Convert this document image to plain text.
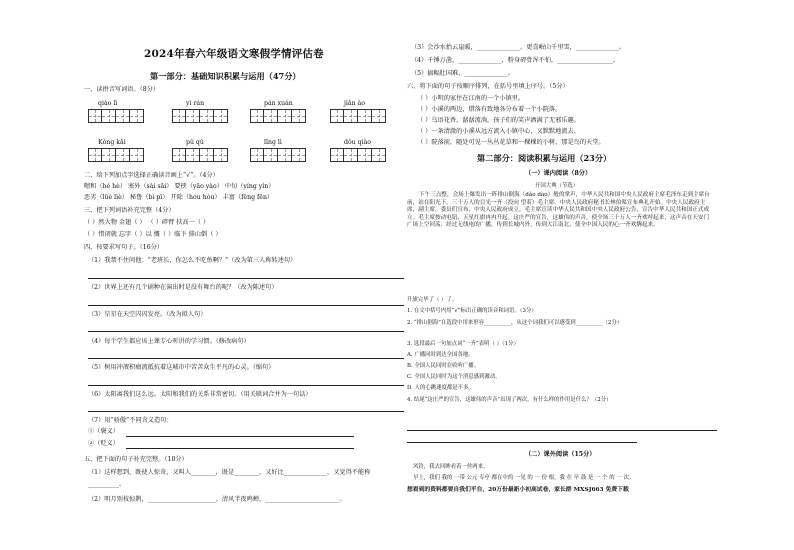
2024年春六年级语文寒假学情评估卷
第一部分：基础知识积累与运用（47分）
一、读拼音写词语。（8分）
qiào lì	yì rán	pán xuán	jiǎn ào
Kǒng kǎi	pǔ qǔ	lǐng lì	dǒu qiào
二、给下列加点字选择正确读音画上“√”。（4分）
嗯和（hé hè） 塞外（sài sāi） 要挟（yāo yào） 中旬（yíng yín）
恶劣（lüè liè） 秘鲁（bì pī） 开除（hóu hòu） 丰富（fēng fēn）
三、把下列词语补充完整（4分）
（ ）然大物 金翅（ ） （ ）碎臂 扶高一（ ）
（ ）惜闭就 忘字（ ）以 慨（ ）临下 排山倒（ ）
四、按要求写句子。（16分）
（1）我禁不住问他：“老班长，你怎么不吃鱼啊？”（改为第三人称转述句）
（2）世界上还有几个剧种在演出时是没有舞台的呢？（改为陈述句）
（3）星星在天空闪闪发亮。（改为拟人句）
（4）每个学生都应该上课专心听讲的学习惯。（修改病句）
（5）树用冲液积瘤流抵抗着这城市中苦苦众生平凡的心灵。（缩句）
（6）太阳离我们这么远。太阳和我们的关系非常密切。（用关联词合并为一句话）
（7）用“骄傲”不同含义造句：
①（褒义）
②（贬义）
五、把下面的句子补充完整。（10分）
（1）这样想到，既使人惊奇，又叫人________，既是________，又好比______________，又觉得不能称
__________。
（2）明月别枝惊鹊，______________________。清风半夜鸣蝉，________________________。
（3）会沙水抬云崖暖，______________。更喜岷山千里雪，______________。
（4）千锤万凿，______________，粉身碎骨浑不怕，__________________。
（5）搞幅肚国难，______________。
六、将下面的句子按顺序排列，在括号里填上序号。（5分）
（ ）小明的家住在江南的一个小镇里。
（ ）小溪的两边，错落有致地各分布着一个小院落。
（ ）乌语花香，潺潺流淌，孩子们的笑声洒满了无邪乐趣。
（ ）一条清澈的小溪从远方流入小镇中心，又默默地流去。
（ ）院落前，随处可见一丛丛花草和一棵棵的小树，那是鸟的天堂。
第二部分：阅读积累与运用（23分）
（一）课内阅读（8分）
开国大典（节选）
下午三点整，会场上爆发出一阵排山倒海（dǎo dào）般的掌声，中华人民共和国中央人民政府主席毛泽东走到主席台前，站在阳光下。三十万人的目光一齐（投向 望着）毛主席。中央人民政府秘书长林伯渠宣布典礼开始。中央人民政府主席，副主席，委员们宣布，中央人民政府成立。毛主席宣读中华人民共和国中央人民政府公告，宣告中华人民共和国正式成立。毛主席按动电钮，五星红旗冉冉升起。这庄严的宣告，这雄伟的声音，使全场三十万人一齐欢呼起来，这声音在天安门广场上空回荡，经过无线电的广播，传到长城内外，传到大江南北，使全中国人民的心一齐欢腾起来。
升旗完毕了（ ）了。
1. 在文中括号内用“√”标出正确的读音和词语。（3分）
2. “排山倒海”在选段中用来形容__________，从这个词我们可以感受到__________（2分）
3. 选段最后一句加点词“一齐”表明（ ）（1分）
A. 广播同时到达全国各地。
B. 全国人民同时在收听广播。
C. 全国人民同时为这个消息感到激动。
D. 人的心跳速度都是不多。
4. 结尾“这庄严的宣告，这雄伟的声音”出现了两次，有什么样的作用是什么？（2分）
（二）课外阅读（15分）
风铃，我去回眸看着一丝两来。
早上，我们 我的 一带 公元 专亭 都在中的 一见 的 一 份 根，我 在 早 鼓 是 一 个 的 一 次。
想看到的资料都要自我们平台，20万份最新小初高试卷，家长群 MXSJ663 免费下载
